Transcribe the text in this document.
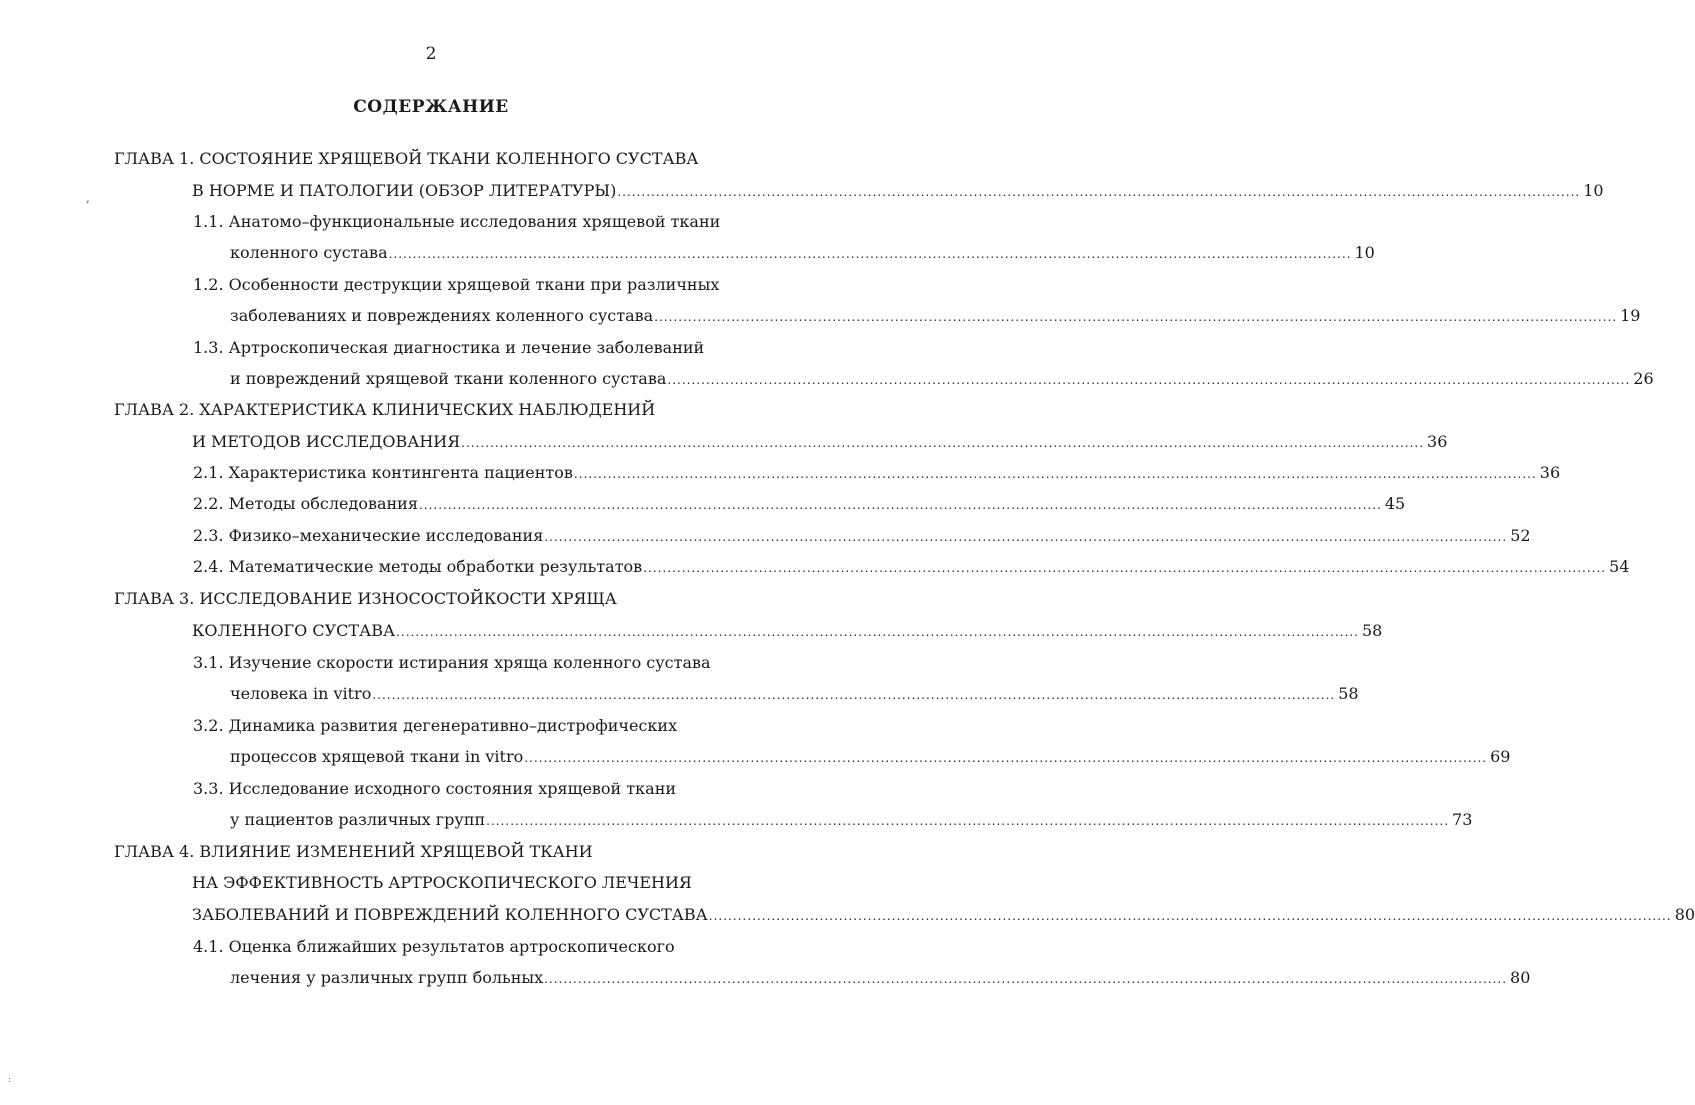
2
СОДЕРЖАНИЕ
,
:
ГЛАВА 1. СОСТОЯНИЕ ХРЯЩЕВОЙ ТКАНИ КОЛЕННОГО СУСТАВА
В НОРМЕ И ПАТОЛОГИИ (ОБЗОР ЛИТЕРАТУРЫ) ........................................................................................................................................................................................................ 10
1.1. Анатомо–функциональные исследования хрящевой ткани
коленного сустава ........................................................................................................................................................................................................ 10
1.2. Особенности деструкции хрящевой ткани при различных
заболеваниях и повреждениях коленного сустава ........................................................................................................................................................................................................ 19
1.3. Артроскопическая диагностика и лечение заболеваний
и повреждений хрящевой ткани коленного сустава ........................................................................................................................................................................................................ 26
ГЛАВА 2. ХАРАКТЕРИСТИКА КЛИНИЧЕСКИХ НАБЛЮДЕНИЙ
И МЕТОДОВ ИССЛЕДОВАНИЯ ........................................................................................................................................................................................................ 36
2.1. Характеристика контингента пациентов ........................................................................................................................................................................................................ 36
2.2. Методы обследования ........................................................................................................................................................................................................ 45
2.3. Физико–механические исследования ........................................................................................................................................................................................................ 52
2.4. Математические методы обработки результатов ........................................................................................................................................................................................................ 54
ГЛАВА 3. ИССЛЕДОВАНИЕ ИЗНОСОСТОЙКОСТИ ХРЯЩА
КОЛЕННОГО СУСТАВА ........................................................................................................................................................................................................ 58
3.1. Изучение скорости истирания хряща коленного сустава
человека in vitro ........................................................................................................................................................................................................ 58
3.2. Динамика развития дегенеративно–дистрофических
процессов хрящевой ткани in vitro ........................................................................................................................................................................................................ 69
3.3. Исследование исходного состояния хрящевой ткани
у пациентов различных групп ........................................................................................................................................................................................................ 73
ГЛАВА 4. ВЛИЯНИЕ ИЗМЕНЕНИЙ ХРЯЩЕВОЙ ТКАНИ
НА ЭФФЕКТИВНОСТЬ АРТРОСКОПИЧЕСКОГО ЛЕЧЕНИЯ
ЗАБОЛЕВАНИЙ И ПОВРЕЖДЕНИЙ КОЛЕННОГО СУСТАВА ........................................................................................................................................................................................................ 80
4.1. Оценка ближайших результатов артроскопического
лечения у различных групп больных ........................................................................................................................................................................................................ 80
